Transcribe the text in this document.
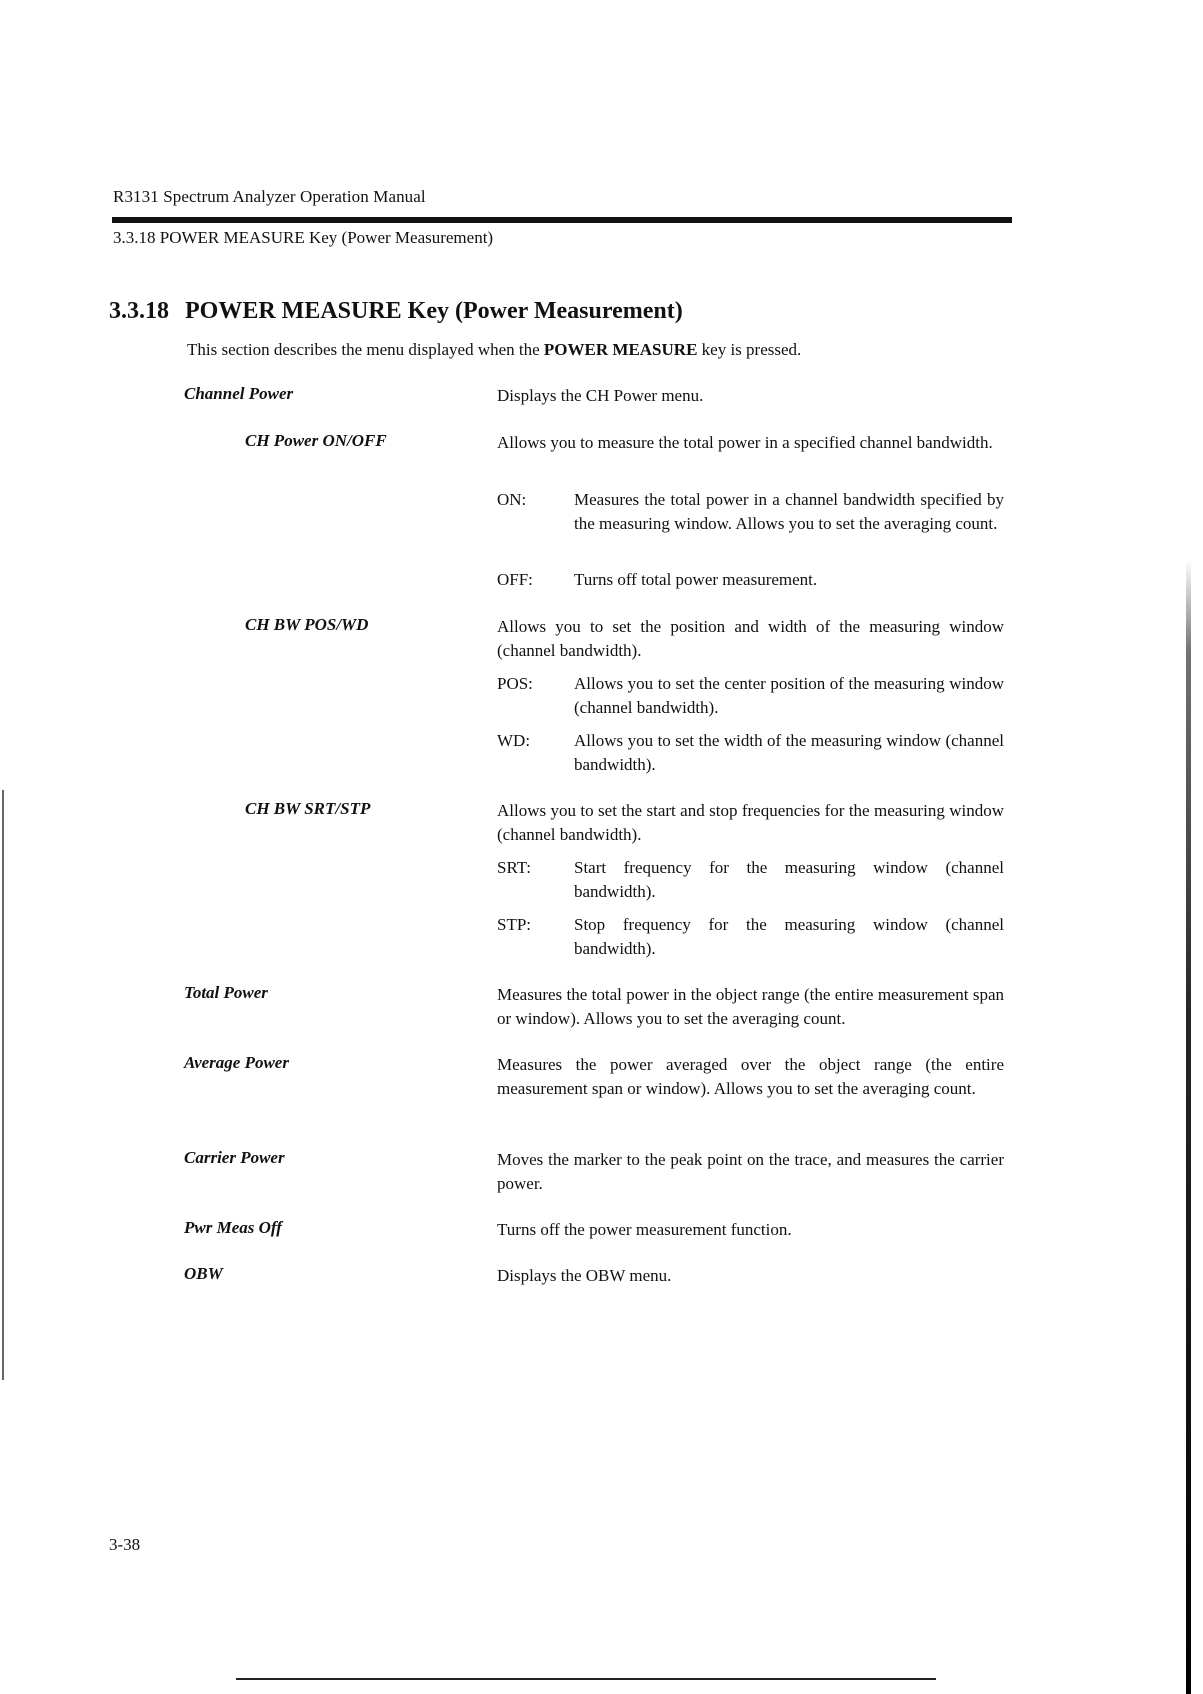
R3131 Spectrum Analyzer Operation Manual
3.3.18 POWER MEASURE Key (Power Measurement)
3.3.18 POWER MEASURE Key (Power Measurement)
This section describes the menu displayed when the POWER MEASURE key is pressed.
Channel Power	Displays the CH Power menu.
CH Power ON/OFF	Allows you to measure the total power in a specified channel bandwidth.
ON:	Measures the total power in a channel bandwidth specified by the measuring window. Allows you to set the averaging count.
OFF:	Turns off total power measurement.
CH BW POS/WD	Allows you to set the position and width of the measuring window (channel bandwidth).
POS:	Allows you to set the center position of the measuring window (channel bandwidth).
WD:	Allows you to set the width of the measuring window (channel bandwidth).
CH BW SRT/STP	Allows you to set the start and stop frequencies for the measuring window (channel bandwidth).
SRT:	Start frequency for the measuring window (channel bandwidth).
STP:	Stop frequency for the measuring window (channel bandwidth).
Total Power	Measures the total power in the object range (the entire measurement span or window). Allows you to set the averaging count.
Average Power	Measures the power averaged over the object range (the entire measurement span or window). Allows you to set the averaging count.
Carrier Power	Moves the marker to the peak point on the trace, and measures the carrier power.
Pwr Meas Off	Turns off the power measurement function.
OBW	Displays the OBW menu.
3-38
